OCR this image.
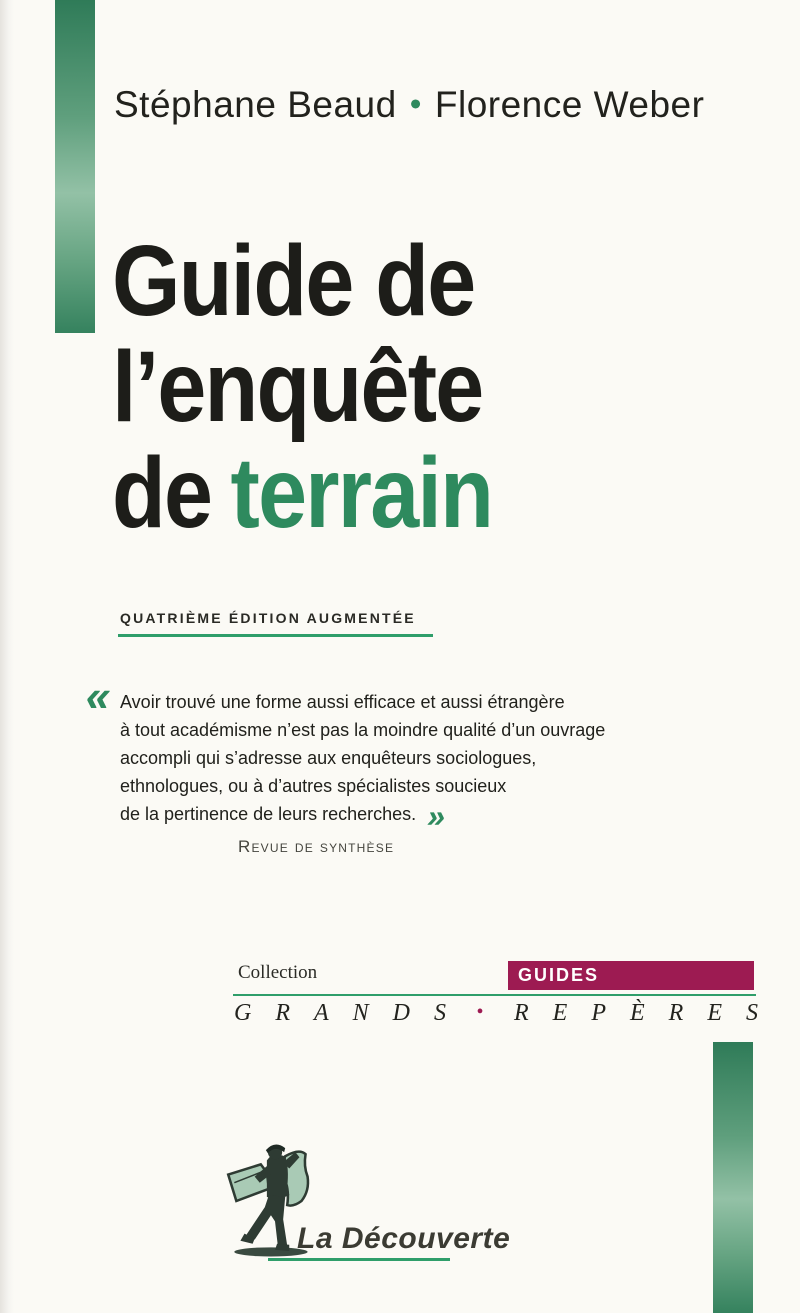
Stéphane Beaud • Florence Weber
Guide de
l’enquête
de terrain
QUATRIÈME ÉDITION AUGMENTÉE
« Avoir trouvé une forme aussi efficace et aussi étrangère
à tout académisme n’est pas la moindre qualité d’un ouvrage
accompli qui s’adresse aux enquêteurs sociologues,
ethnologues, ou à d’autres spécialistes soucieux
de la pertinence de leurs recherches. »
Revue de synthèse
Collection	GUIDES
GRANDS • REPÈRES
La Découverte
